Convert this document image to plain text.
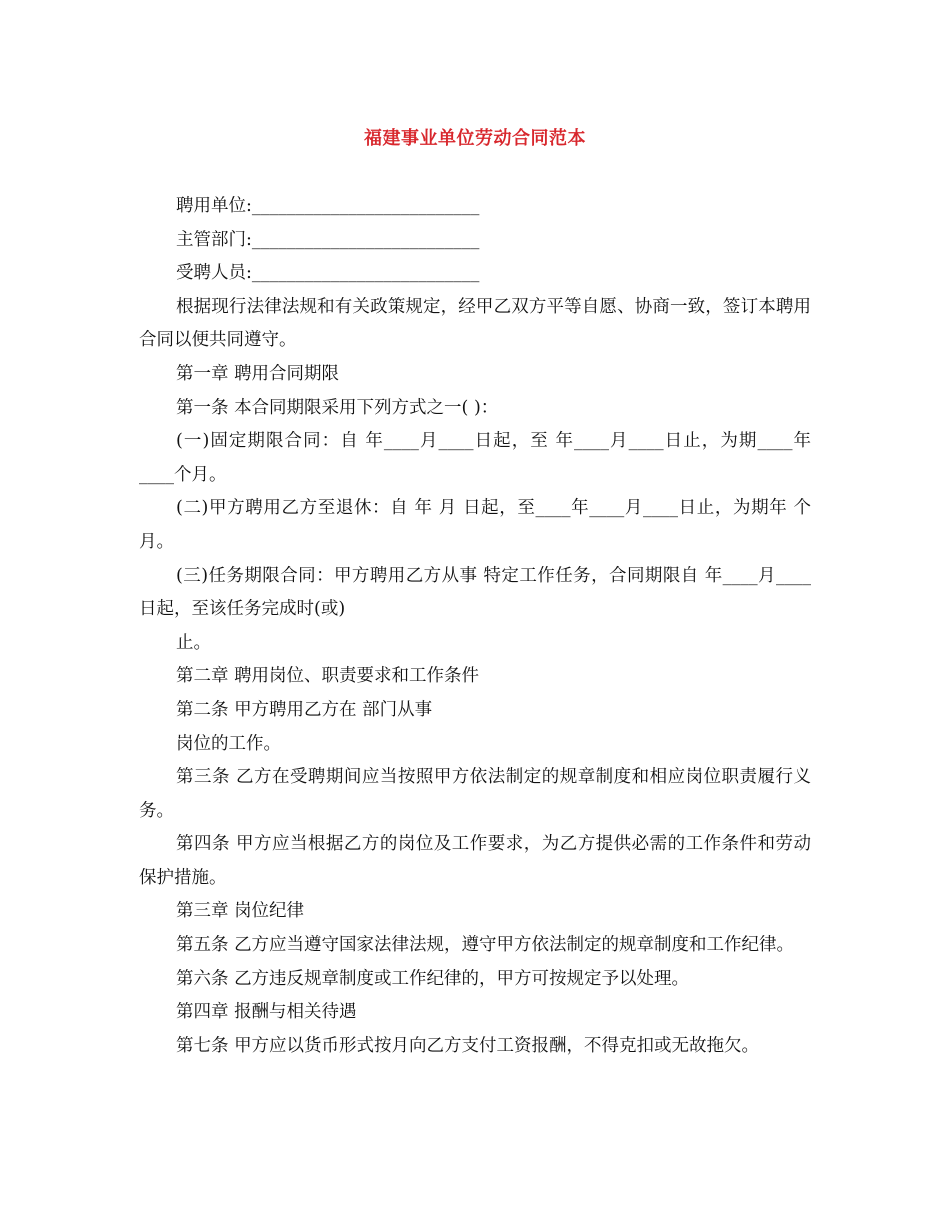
福建事业单位劳动合同范本

聘用单位:__________________________

主管部门:__________________________

受聘人员:__________________________

根据现行法律法规和有关政策规定，经甲乙双方平等自愿、协商一致，签订本聘用合同以便共同遵守。

第一章 聘用合同期限

第一条 本合同期限采用下列方式之一( )：

(一)固定期限合同：自 年____月____日起，至 年____月____日止，为期____年____个月。

(二)甲方聘用乙方至退休：自 年 月 日起，至____年____月____日止，为期年 个月。

(三)任务期限合同：甲方聘用乙方从事 特定工作任务，合同期限自 年____月____日起，至该任务完成时(或)

止。

第二章 聘用岗位、职责要求和工作条件

第二条 甲方聘用乙方在 部门从事

岗位的工作。

第三条 乙方在受聘期间应当按照甲方依法制定的规章制度和相应岗位职责履行义务。

第四条 甲方应当根据乙方的岗位及工作要求，为乙方提供必需的工作条件和劳动保护措施。

第三章 岗位纪律

第五条 乙方应当遵守国家法律法规，遵守甲方依法制定的规章制度和工作纪律。

第六条 乙方违反规章制度或工作纪律的，甲方可按规定予以处理。

第四章 报酬与相关待遇

第七条 甲方应以货币形式按月向乙方支付工资报酬，不得克扣或无故拖欠。
